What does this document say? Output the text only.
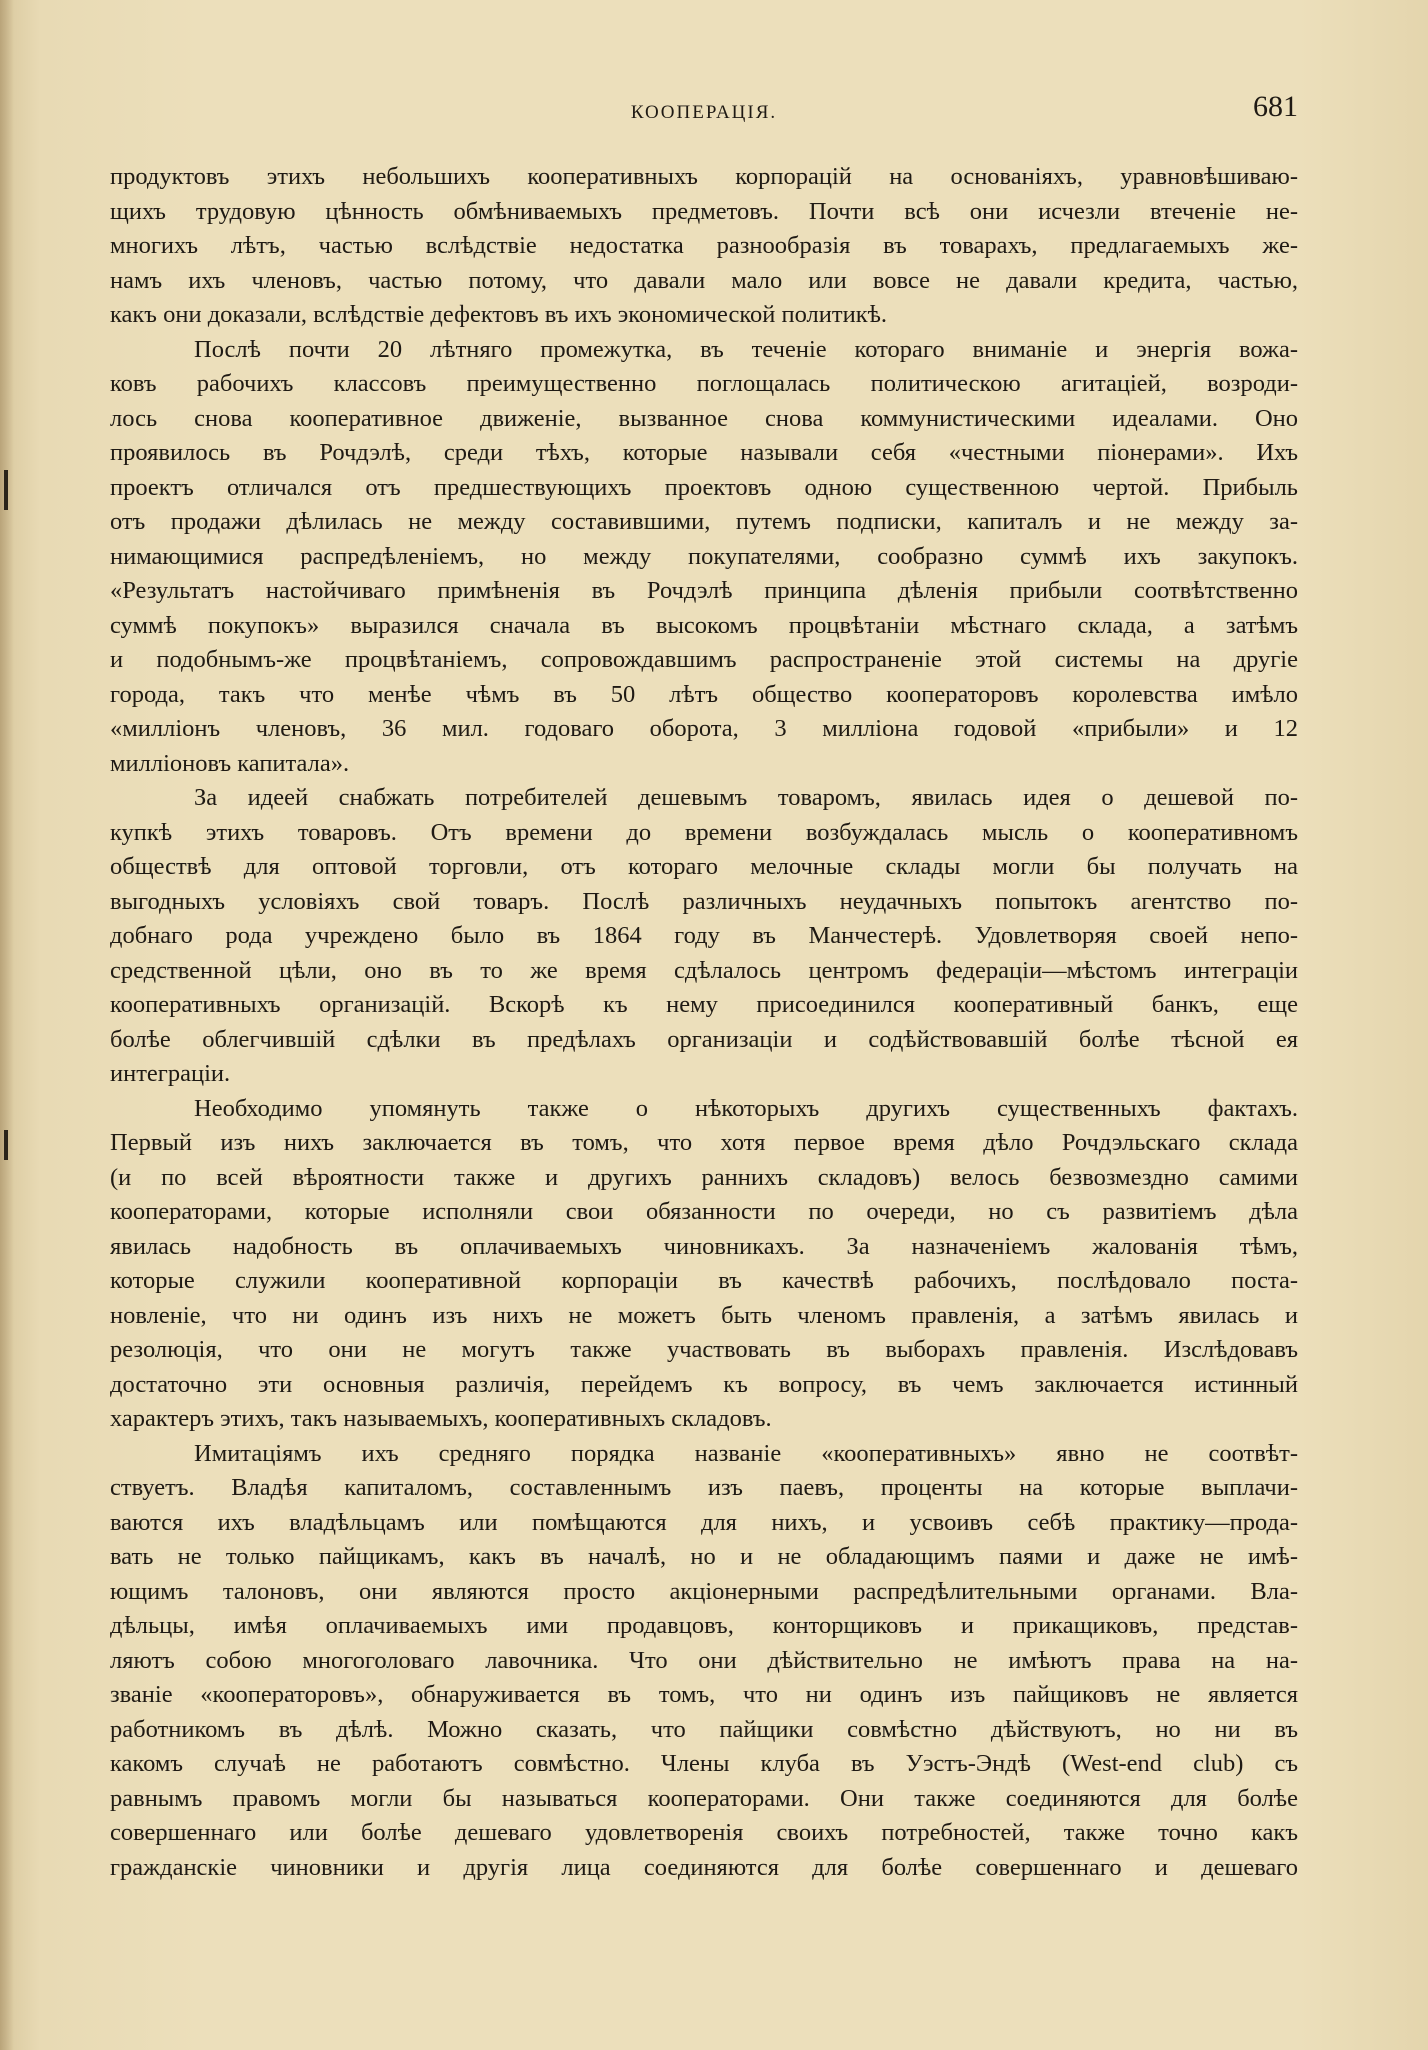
КООПЕРАЦІЯ.	681
продуктовъ этихъ небольшихъ кооперативныхъ корпорацій на основаніяхъ, уравновѣшиваю-
щихъ трудовую цѣнность обмѣниваемыхъ предметовъ. Почти всѣ они исчезли втеченіе не-
многихъ лѣтъ, частью вслѣдствіе недостатка разнообразія въ товарахъ, предлагаемыхъ же-
намъ ихъ членовъ, частью потому, что давали мало или вовсе не давали кредита, частью,
какъ они доказали, вслѣдствіе дефектовъ въ ихъ экономической политикѣ.
Послѣ почти 20 лѣтняго промежутка, въ теченіе котораго вниманіе и энергія вожа-
ковъ рабочихъ классовъ преимущественно поглощалась политическою агитаціей, возроди-
лось снова кооперативное движеніе, вызванное снова коммунистическими идеалами. Оно
проявилось въ Рочдэлѣ, среди тѣхъ, которые называли себя «честными піонерами». Ихъ
проектъ отличался отъ предшествующихъ проектовъ одною существенною чертой. Прибыль
отъ продажи дѣлилась не между составившими, путемъ подписки, капиталъ и не между за-
нимающимися распредѣленіемъ, но между покупателями, сообразно суммѣ ихъ закупокъ.
«Результатъ настойчиваго примѣненія въ Рочдэлѣ принципа дѣленія прибыли соотвѣтственно
суммѣ покупокъ» выразился сначала въ высокомъ процвѣтаніи мѣстнаго склада, а затѣмъ
и подобнымъ-же процвѣтаніемъ, сопровождавшимъ распространеніе этой системы на другіе
города, такъ что менѣе чѣмъ въ 50 лѣтъ общество кооператоровъ королевства имѣло
«милліонъ членовъ, 36 мил. годоваго оборота, 3 милліона годовой «прибыли» и 12
милліоновъ капитала».
За идеей снабжать потребителей дешевымъ товаромъ, явилась идея о дешевой по-
купкѣ этихъ товаровъ. Отъ времени до времени возбуждалась мысль о кооперативномъ
обществѣ для оптовой торговли, отъ котораго мелочные склады могли бы получать на
выгодныхъ условіяхъ свой товаръ. Послѣ различныхъ неудачныхъ попытокъ агентство по-
добнаго рода учреждено было въ 1864 году въ Манчестерѣ. Удовлетворяя своей непо-
средственной цѣли, оно въ то же время сдѣлалось центромъ федераціи—мѣстомъ интеграціи
кооперативныхъ организацій. Вскорѣ къ нему присоединился кооперативный банкъ, еще
болѣе облегчившій сдѣлки въ предѣлахъ организаціи и содѣйствовавшій болѣе тѣсной ея
интеграціи.
Необходимо упомянуть также о нѣкоторыхъ другихъ существенныхъ фактахъ.
Первый изъ нихъ заключается въ томъ, что хотя первое время дѣло Рочдэльскаго склада
(и по всей вѣроятности также и другихъ раннихъ складовъ) велось безвозмездно самими
кооператорами, которые исполняли свои обязанности по очереди, но съ развитіемъ дѣла
явилась надобность въ оплачиваемыхъ чиновникахъ. За назначеніемъ жалованія тѣмъ,
которые служили кооперативной корпораціи въ качествѣ рабочихъ, послѣдовало поста-
новленіе, что ни одинъ изъ нихъ не можетъ быть членомъ правленія, а затѣмъ явилась и
резолюція, что они не могутъ также участвовать въ выборахъ правленія. Изслѣдовавъ
достаточно эти основныя различія, перейдемъ къ вопросу, въ чемъ заключается истинный
характеръ этихъ, такъ называемыхъ, кооперативныхъ складовъ.
Имитаціямъ ихъ средняго порядка названіе «кооперативныхъ» явно не соотвѣт-
ствуетъ. Владѣя капиталомъ, составленнымъ изъ паевъ, проценты на которые выплачи-
ваются ихъ владѣльцамъ или помѣщаются для нихъ, и усвоивъ себѣ практику—прода-
вать не только пайщикамъ, какъ въ началѣ, но и не обладающимъ паями и даже не имѣ-
ющимъ талоновъ, они являются просто акціонерными распредѣлительными органами. Вла-
дѣльцы, имѣя оплачиваемыхъ ими продавцовъ, конторщиковъ и прикащиковъ, представ-
ляютъ собою многоголоваго лавочника. Что они дѣйствительно не имѣютъ права на на-
званіе «кооператоровъ», обнаруживается въ томъ, что ни одинъ изъ пайщиковъ не является
работникомъ въ дѣлѣ. Можно сказать, что пайщики совмѣстно дѣйствуютъ, но ни въ
какомъ случаѣ не работаютъ совмѣстно. Члены клуба въ Уэстъ-Эндѣ (West-end club) съ
равнымъ правомъ могли бы называться кооператорами. Они также соединяются для болѣе
совершеннаго или болѣе дешеваго удовлетворенія своихъ потребностей, также точно какъ
гражданскіе чиновники и другія лица соединяются для болѣе совершеннаго и дешеваго
